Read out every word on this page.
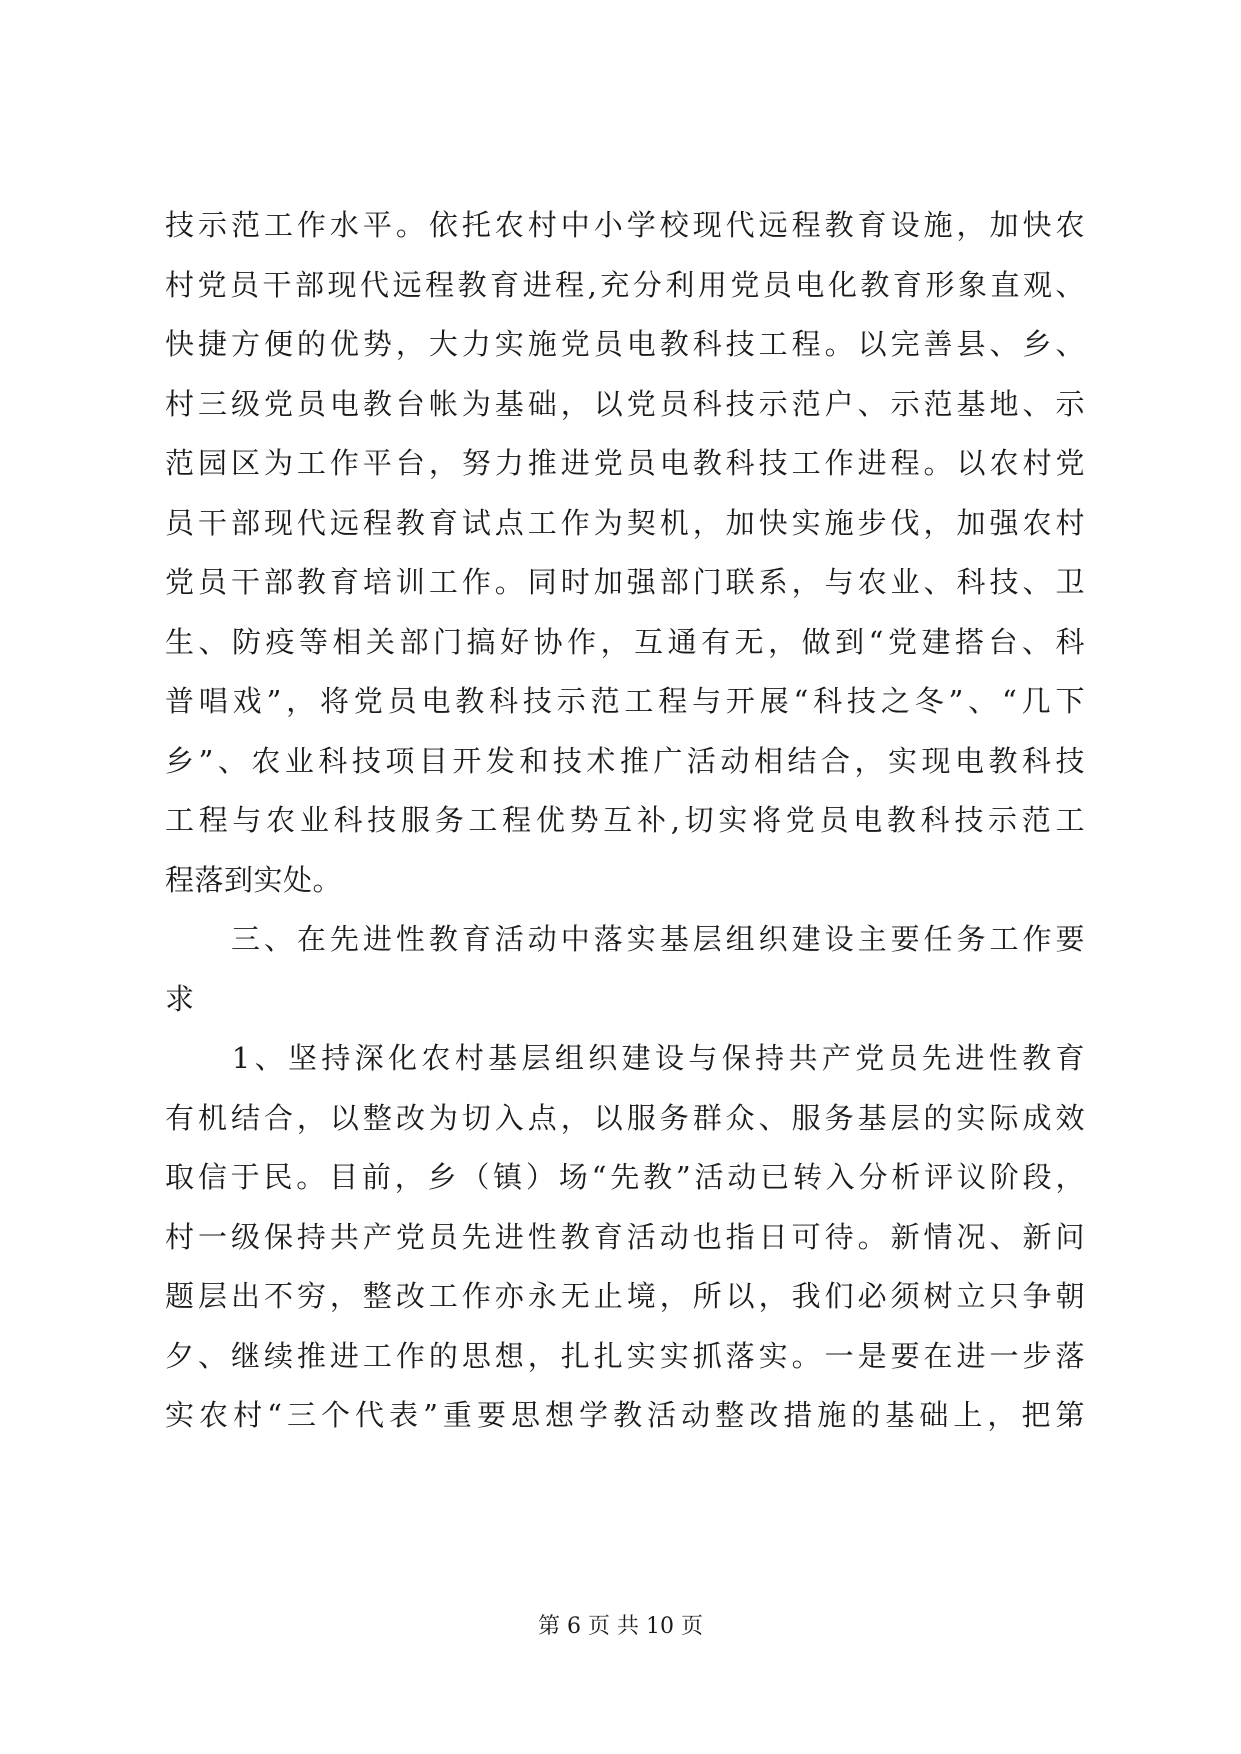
技示范工作水平。依托农村中小学校现代远程教育设施，加快农
村党员干部现代远程教育进程,充分利用党员电化教育形象直观、
快捷方便的优势，大力实施党员电教科技工程。以完善县、乡、
村三级党员电教台帐为基础，以党员科技示范户、示范基地、示
范园区为工作平台，努力推进党员电教科技工作进程。以农村党
员干部现代远程教育试点工作为契机，加快实施步伐，加强农村
党员干部教育培训工作。同时加强部门联系，与农业、科技、卫
生、防疫等相关部门搞好协作，互通有无，做到“党建搭台、科
普唱戏”，将党员电教科技示范工程与开展“科技之冬”、“几下
乡”、农业科技项目开发和技术推广活动相结合，实现电教科技
工程与农业科技服务工程优势互补,切实将党员电教科技示范工
程落到实处。
　　三、在先进性教育活动中落实基层组织建设主要任务工作要
求
　　1、坚持深化农村基层组织建设与保持共产党员先进性教育
有机结合，以整改为切入点，以服务群众、服务基层的实际成效
取信于民。目前，乡（镇）场“先教”活动已转入分析评议阶段，
村一级保持共产党员先进性教育活动也指日可待。新情况、新问
题层出不穷，整改工作亦永无止境，所以，我们必须树立只争朝
夕、继续推进工作的思想，扎扎实实抓落实。一是要在进一步落
实农村“三个代表”重要思想学教活动整改措施的基础上，把第
第 6 页 共 10 页
